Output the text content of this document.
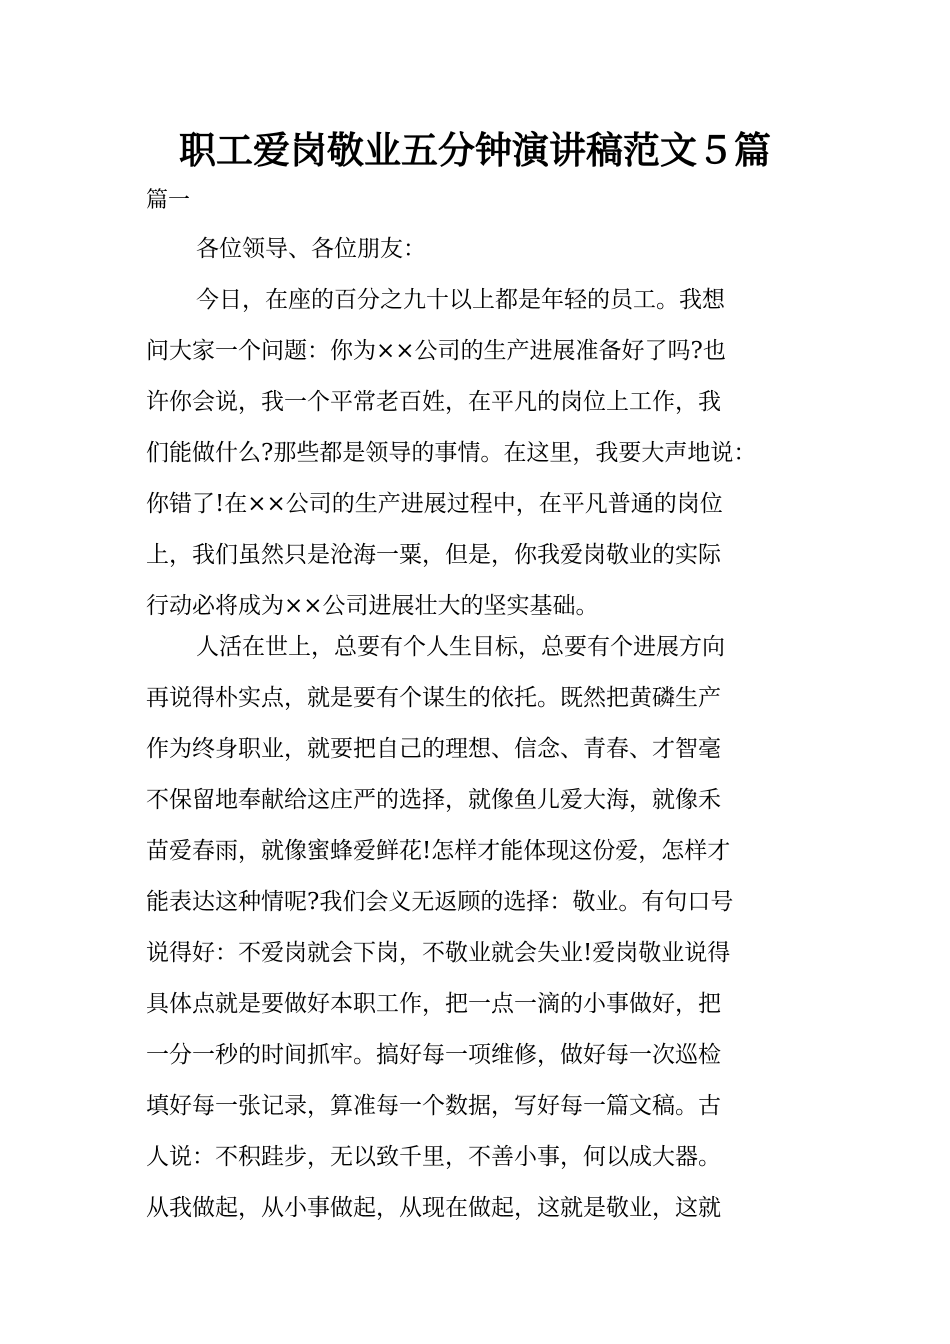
职工爱岗敬业五分钟演讲稿范文５篇

篇一

各位领导、各位朋友：
今日，在座的百分之九十以上都是年轻的员工。我想
问大家一个问题：你为××公司的生产进展准备好了吗?也
许你会说，我一个平常老百姓，在平凡的岗位上工作，我
们能做什么?那些都是领导的事情。在这里，我要大声地说：
你错了!在××公司的生产进展过程中，在平凡普通的岗位
上，我们虽然只是沧海一粟，但是，你我爱岗敬业的实际
行动必将成为××公司进展壮大的坚实基础。
人活在世上，总要有个人生目标，总要有个进展方向
再说得朴实点，就是要有个谋生的依托。既然把黄磷生产
作为终身职业，就要把自己的理想、信念、青春、才智毫
不保留地奉献给这庄严的选择，就像鱼儿爱大海，就像禾
苗爱春雨，就像蜜蜂爱鲜花!怎样才能体现这份爱，怎样才
能表达这种情呢?我们会义无返顾的选择：敬业。有句口号
说得好：不爱岗就会下岗，不敬业就会失业!爱岗敬业说得
具体点就是要做好本职工作，把一点一滴的小事做好，把
一分一秒的时间抓牢。搞好每一项维修，做好每一次巡检
填好每一张记录，算准每一个数据，写好每一篇文稿。古
人说：不积跬步，无以致千里，不善小事，何以成大器。
从我做起，从小事做起，从现在做起，这就是敬业，这就
